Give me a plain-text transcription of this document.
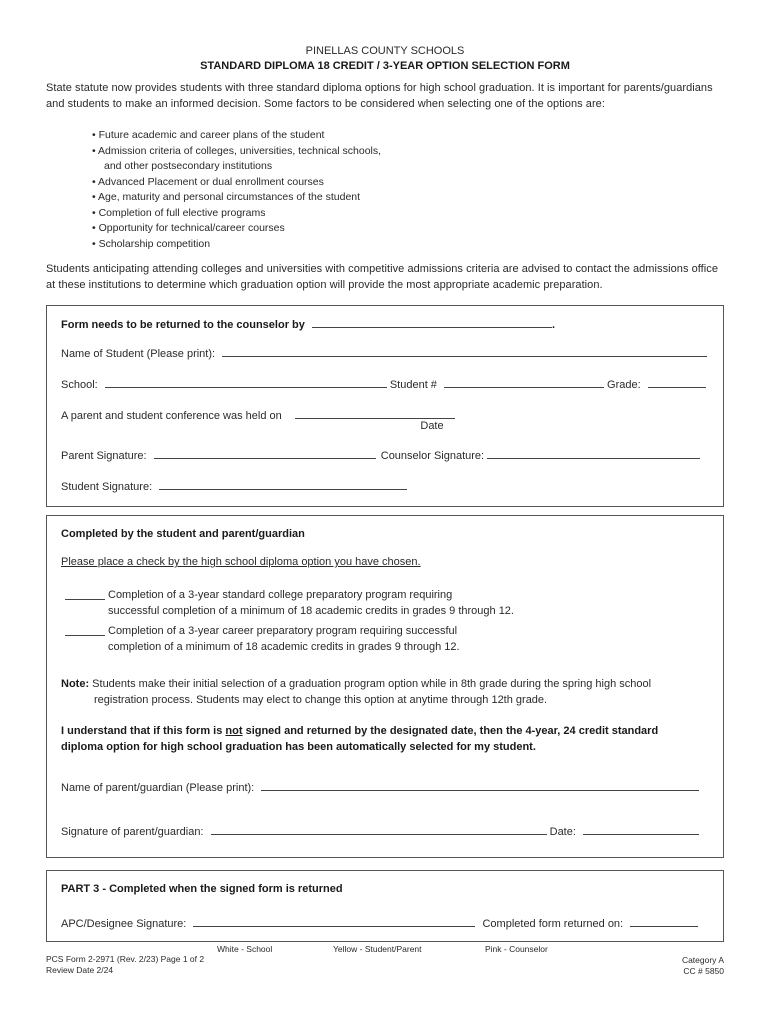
PINELLAS COUNTY SCHOOLS
STANDARD DIPLOMA 18 CREDIT / 3-YEAR OPTION SELECTION FORM
State statute now provides students with three standard diploma options for high school graduation. It is important for parents/guardians and students to make an informed decision. Some factors to be considered when selecting one of the options are:
• Future academic and career plans of the student
• Admission criteria of colleges, universities, technical schools,
and other postsecondary institutions
• Advanced Placement or dual enrollment courses
• Age, maturity and personal circumstances of the student
• Completion of full elective programs
• Opportunity for technical/career courses
• Scholarship competition
Students anticipating attending colleges and universities with competitive admissions criteria are advised to contact the admissions office at these institutions to determine which graduation option will provide the most appropriate academic preparation.
Form needs to be returned to the counselor by	.
Name of Student (Please print):
School:	Student #	Grade:
A parent and student conference was held on
Date
Parent Signature:	Counselor Signature:
Student Signature:
Completed by the student and parent/guardian
Please place a check by the high school diploma option you have chosen.
Completion of a 3-year standard college preparatory program requiring
successful completion of a minimum of 18 academic credits in grades 9 through 12.
Completion of a 3-year career preparatory program requiring successful
completion of a minimum of 18 academic credits in grades 9 through 12.
Note: Students make their initial selection of a graduation program option while in 8th grade during the spring high school
registration process. Students may elect to change this option at anytime through 12th grade.
I understand that if this form is not signed and returned by the designated date, then the 4-year, 24 credit standard
diploma option for high school graduation has been automatically selected for my student.
Name of parent/guardian (Please print):
Signature of parent/guardian:	Date:
PART 3 - Completed when the signed form is returned
APC/Designee Signature:	Completed form returned on:
White - School	Yellow - Student/Parent	Pink - Counselor
PCS Form 2-2971 (Rev. 2/23) Page 1 of 2
Review Date 2/24
Category A
CC # 5850
